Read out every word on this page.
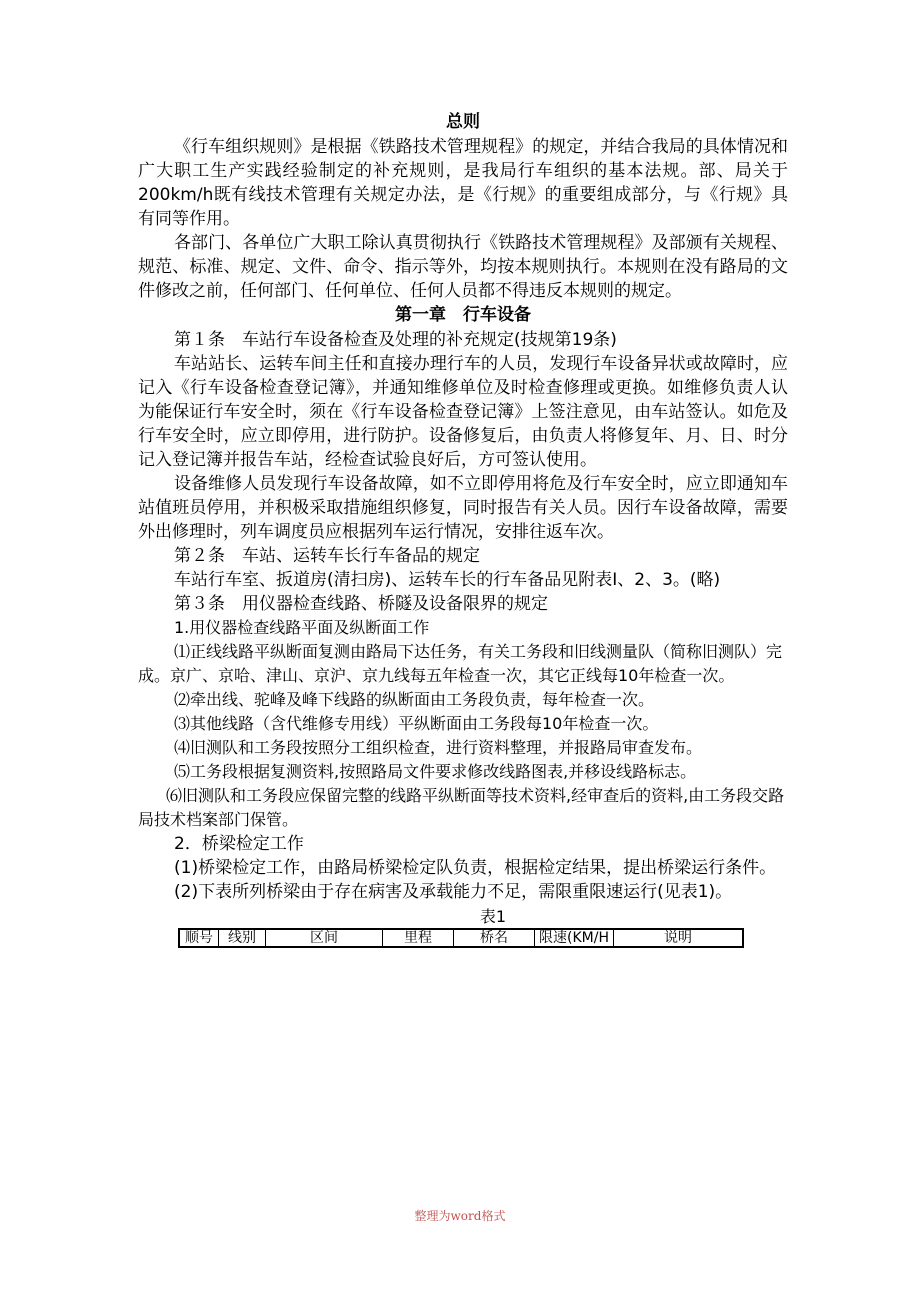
总则

《行车组织规则》是根据《铁路技术管理规程》的规定，并结合我局的具体情况和广大职工生产实践经验制定的补充规则，是我局行车组织的基本法规。部、局关于200km/h既有线技术管理有关规定办法，是《行规》的重要组成部分，与《行规》具有同等作用。

各部门、各单位广大职工除认真贯彻执行《铁路技术管理规程》及部颁有关规程、规范、标准、规定、文件、命令、指示等外，均按本规则执行。本规则在没有路局的文件修改之前，任何部门、任何单位、任何人员都不得违反本规则的规定。

第一章　行车设备

第１条　车站行车设备检查及处理的补充规定(技规第19条)

车站站长、运转车间主任和直接办理行车的人员，发现行车设备异状或故障时，应记入《行车设备检查登记簿》，并通知维修单位及时检查修理或更换。如维修负责人认为能保证行车安全时，须在《行车设备检查登记簿》上签注意见，由车站签认。如危及行车安全时，应立即停用，进行防护。设备修复后，由负责人将修复年、月、日、时分记入登记簿并报告车站，经检查试验良好后，方可签认使用。

设备维修人员发现行车设备故障，如不立即停用将危及行车安全时，应立即通知车站值班员停用，并积极采取措施组织修复，同时报告有关人员。因行车设备故障，需要外出修理时，列车调度员应根据列车运行情况，安排往返车次。

第２条　车站、运转车长行车备品的规定

车站行车室、扳道房(清扫房)、运转车长的行车备品见附表Ⅰ、2、3。(略)

第３条　用仪器检查线路、桥隧及设备限界的规定

1.用仪器检查线路平面及纵断面工作

⑴正线线路平纵断面复测由路局下达任务，有关工务段和旧线测量队（简称旧测队）完成。京广、京哈、津山、京沪、京九线每五年检查一次，其它正线每10年检查一次。

⑵牵出线、驼峰及峰下线路的纵断面由工务段负责，每年检查一次。

⑶其他线路（含代维修专用线）平纵断面由工务段每10年检查一次。

⑷旧测队和工务段按照分工组织检查，进行资料整理，并报路局审查发布。

⑸工务段根据复测资料,按照路局文件要求修改线路图表,并移设线路标志。

⑹旧测队和工务段应保留完整的线路平纵断面等技术资料,经审查后的资料,由工务段交路局技术档案部门保管。

2．桥梁检定工作

(1)桥梁检定工作，由路局桥梁检定队负责，根据检定结果，提出桥梁运行条件。

(2)下表所列桥梁由于存在病害及承载能力不足，需限重限速运行(见表1)。

表1

顺号	线别	区间	里程	桥名	限速(KM/H	说明
整理为word格式
